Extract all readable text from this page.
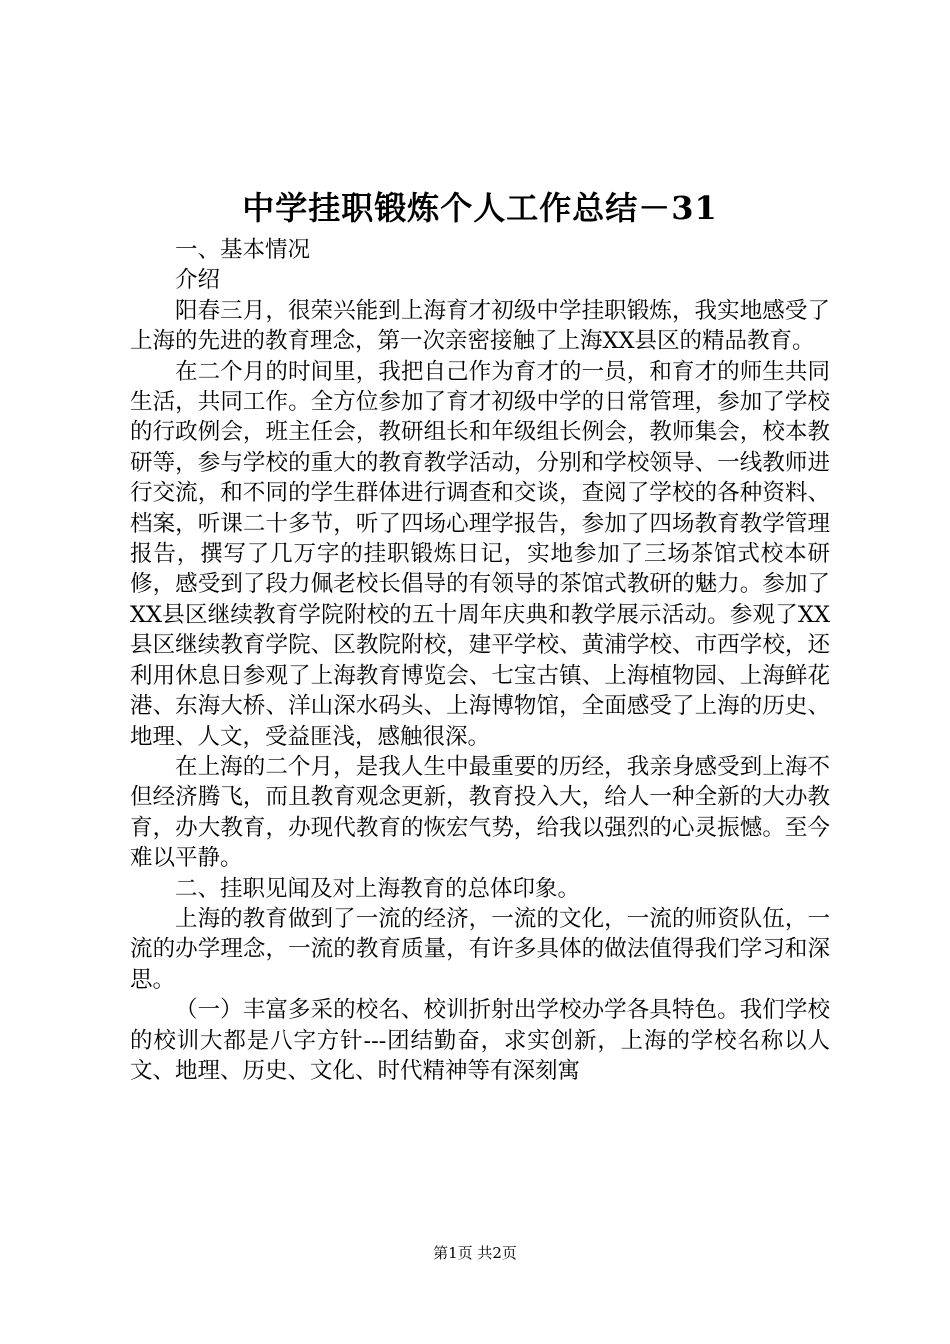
中学挂职锻炼个人工作总结－31

一、基本情况

介绍

阳春三月，很荣兴能到上海育才初级中学挂职锻炼，我实地感受了上海的先进的教育理念，第一次亲密接触了上海XX县区的精品教育。

在二个月的时间里，我把自己作为育才的一员，和育才的师生共同生活，共同工作。全方位参加了育才初级中学的日常管理，参加了学校的行政例会，班主任会，教研组长和年级组长例会，教师集会，校本教研等，参与学校的重大的教育教学活动，分别和学校领导、一线教师进行交流，和不同的学生群体进行调查和交谈，查阅了学校的各种资料、档案，听课二十多节，听了四场心理学报告，参加了四场教育教学管理报告，撰写了几万字的挂职锻炼日记，实地参加了三场茶馆式校本研修，感受到了段力佩老校长倡导的有领导的茶馆式教研的魅力。参加了XX县区继续教育学院附校的五十周年庆典和教学展示活动。参观了XX县区继续教育学院、区教院附校，建平学校、黄浦学校、市西学校，还利用休息日参观了上海教育博览会、七宝古镇、上海植物园、上海鲜花港、东海大桥、洋山深水码头、上海博物馆，全面感受了上海的历史、地理、人文，受益匪浅，感触很深。

在上海的二个月，是我人生中最重要的历经，我亲身感受到上海不但经济腾飞，而且教育观念更新，教育投入大，给人一种全新的大办教育，办大教育，办现代教育的恢宏气势，给我以强烈的心灵振憾。至今难以平静。

二、挂职见闻及对上海教育的总体印象。

上海的教育做到了一流的经济，一流的文化，一流的师资队伍，一流的办学理念，一流的教育质量，有许多具体的做法值得我们学习和深思。

（一）丰富多采的校名、校训折射出学校办学各具特色。我们学校的校训大都是八字方针---团结勤奋，求实创新，上海的学校名称以人文、地理、历史、文化、时代精神等有深刻寓

第1页 共2页
